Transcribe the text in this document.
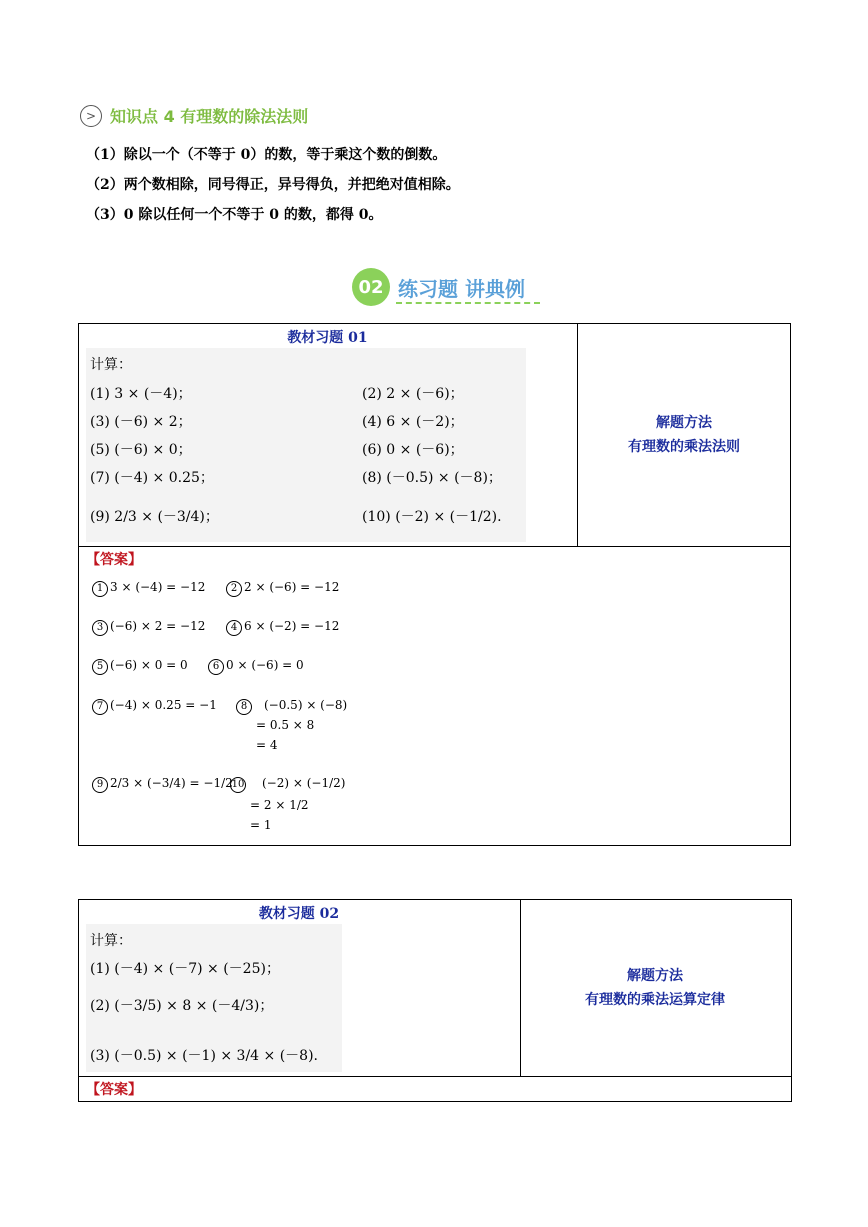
> 知识点 4 有理数的除法法则
（1）除以一个（不等于 0）的数，等于乘这个数的倒数。
（2）两个数相除，同号得正，异号得负，并把绝对值相除。
（3）0 除以任何一个不等于 0 的数，都得 0。
02 练习题 讲典例
教材习题 01
计算：
(1) 3 × (－4)；	(2) 2 × (－6)；
(3) (－6) × 2；	(4) 6 × (－2)；
(5) (－6) × 0；	(6) 0 × (－6)；
(7) (－4) × 0.25；	(8) (－0.5) × (－8)；
(9) 2/3 × (－3/4)；	(10) (－2) × (－1/2).
解题方法
有理数的乘法法则
【答案】
1 3 × (−4) = −12	2 2 × (−6) = −12
3 (−6) × 2 = −12	4 6 × (−2) = −12
5 (−6) × 0 = 0	6 0 × (−6) = 0
7 (−4) × 0.25 = −1	8 (−0.5) × (−8)
= 0.5 × 8
= 4
9 2/3 × (−3/4) = −1/2
10 (−2) × (−1/2)
= 2 × 1/2
= 1
教材习题 02
计算：
(1) (－4) × (－7) × (－25)；
(2) (－3/5) × 8 × (－4/3)；
(3) (－0.5) × (－1) × 3/4 × (－8).
解题方法
有理数的乘法运算定律
【答案】
